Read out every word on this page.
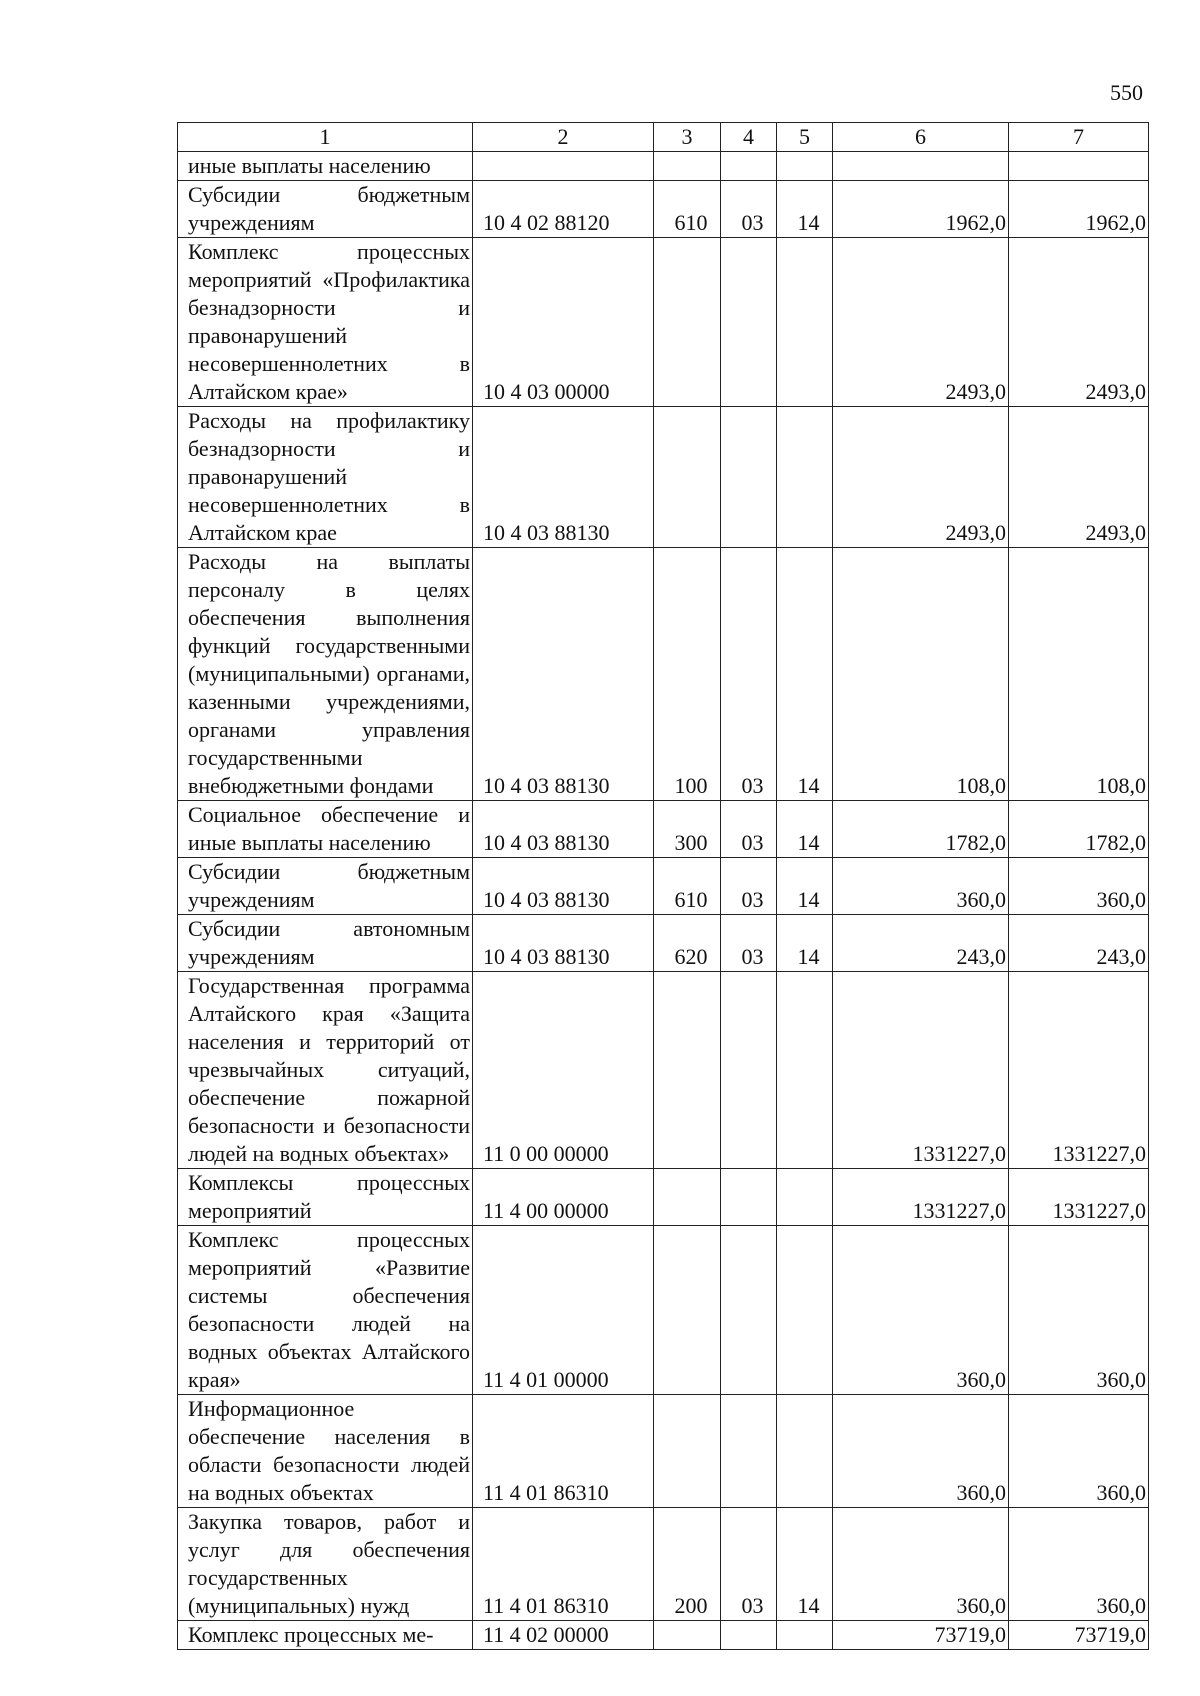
550
1	2	3	4	5	6	7
иные выплаты населению						
Субсидии бюджетным учреждениям	10 4 02 88120	610	03	14	1962,0	1962,0
Комплекс процессных мероприятий «Профилактика безнадзорности и правонарушений несовершеннолетних в Алтайском крае»	10 4 03 00000				2493,0	2493,0
Расходы на профилактику безнадзорности и правонарушений несовершеннолетних в Алтайском крае	10 4 03 88130				2493,0	2493,0
Расходы на выплаты персоналу в целях обеспечения выполнения функций государственными (муниципальными) органами, казенными учреждениями, органами управления государственными внебюджетными фондами	10 4 03 88130	100	03	14	108,0	108,0
Социальное обеспечение и иные выплаты населению	10 4 03 88130	300	03	14	1782,0	1782,0
Субсидии бюджетным учреждениям	10 4 03 88130	610	03	14	360,0	360,0
Субсидии автономным учреждениям	10 4 03 88130	620	03	14	243,0	243,0
Государственная программа Алтайского края «Защита населения и территорий от чрезвычайных ситуаций, обеспечение пожарной безопасности и безопасности людей на водных объектах»	11 0 00 00000				1331227,0	1331227,0
Комплексы процессных мероприятий	11 4 00 00000				1331227,0	1331227,0
Комплекс процессных мероприятий «Развитие системы обеспечения безопасности людей на водных объектах Алтайского края»	11 4 01 00000				360,0	360,0
Информационное обеспечение населения в области безопасности людей на водных объектах	11 4 01 86310				360,0	360,0
Закупка товаров, работ и услуг для обеспечения государственных (муниципальных) нужд	11 4 01 86310	200	03	14	360,0	360,0
Комплекс процессных ме-	11 4 02 00000				73719,0	73719,0
